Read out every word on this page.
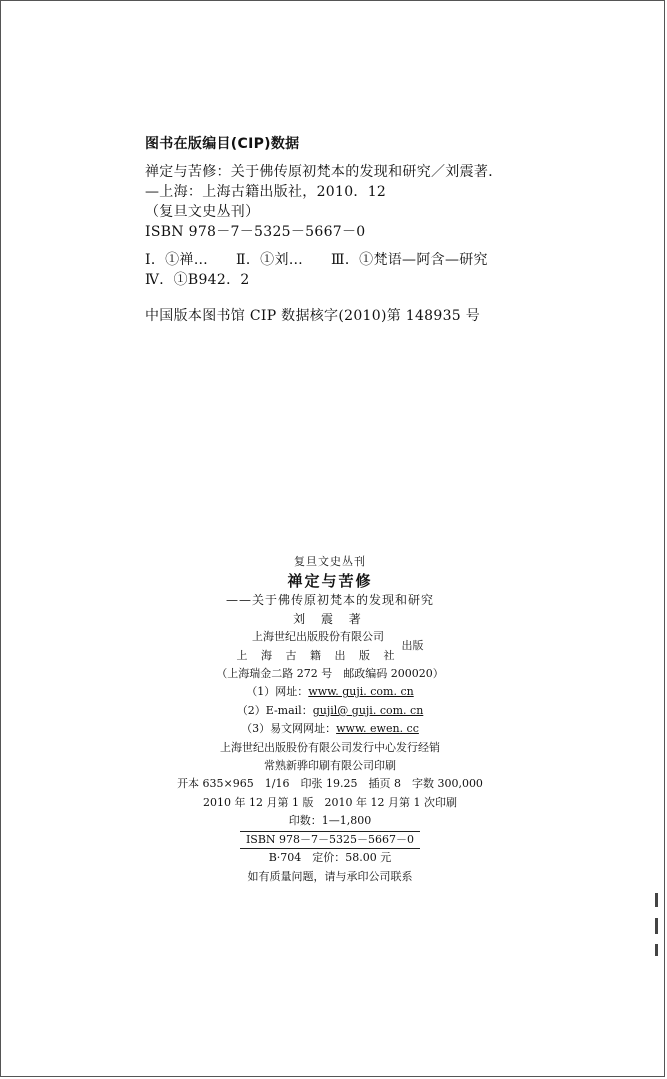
图书在版编目(CIP)数据
禅定与苦修：关于佛传原初梵本的发现和研究／刘震著．
—上海：上海古籍出版社，2010．12
（复旦文史丛刊）
ISBN 978－7－5325－5667－0
Ⅰ．①禅… Ⅱ．①刘… Ⅲ．①梵语—阿含—研究
Ⅳ．①B942．2
中国版本图书馆 CIP 数据核字(2010)第 148935 号
复旦文史丛刊
禅定与苦修
——关于佛传原初梵本的发现和研究
刘 震 著
上海世纪出版股份有限公司
上 海 古 籍 出 版 社
出版
（上海瑞金二路 272 号　邮政编码 200020）
（1）网址：www. guji. com. cn
（2）E-mail：gujil@ guji. com. cn
（3）易文网网址：www. ewen. cc
上海世纪出版股份有限公司发行中心发行经销
常熟新骅印刷有限公司印刷
开本 635×965　1/16　印张 19.25　插页 8　字数 300,000
2010 年 12 月第 1 版　2010 年 12 月第 1 次印刷
印数：1—1,800
ISBN 978－7－5325－5667－0
B·704　定价：58.00 元
如有质量问题，请与承印公司联系
